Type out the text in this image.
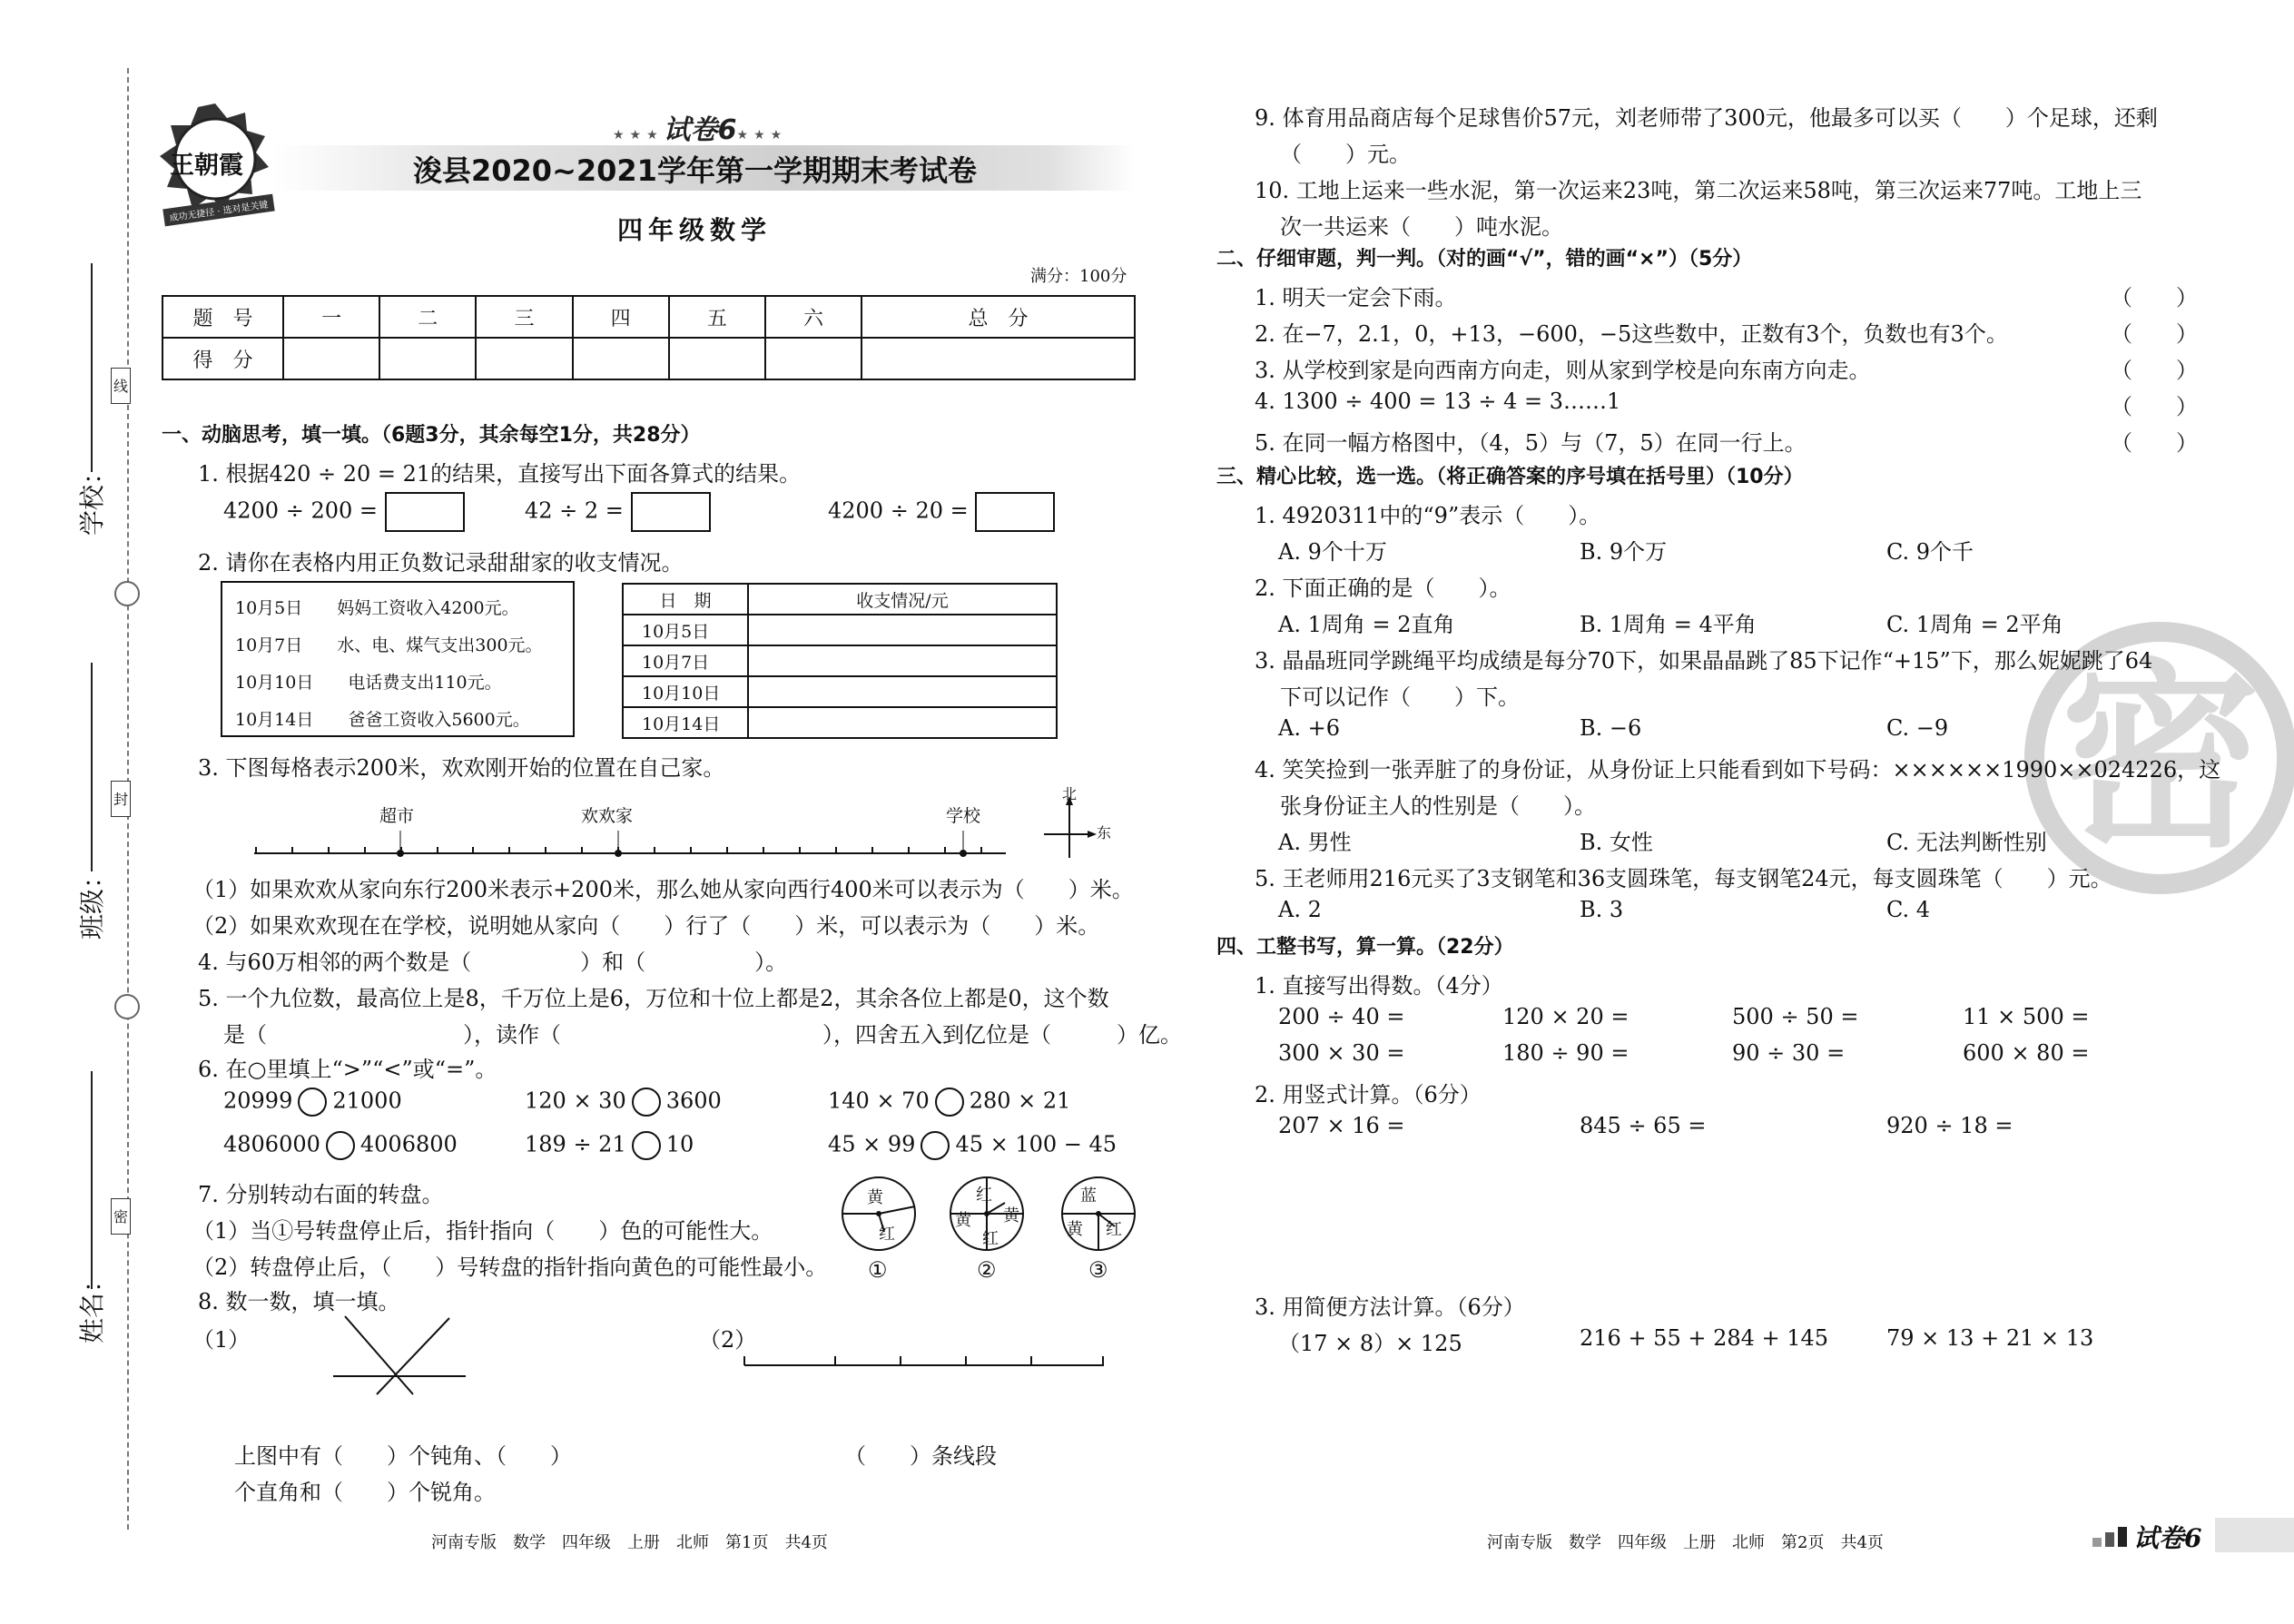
学校：
班级：
姓名：
线
封
密
王朝霞
成功无捷径 · 选对是关键
★★★试卷6★★★
浚县2020~2021学年第一学期期末考试卷
四年级数学
满分：100分
题　号	一	二	三	四	五	六	总　分
得　分							
一、动脑思考，填一填。（6题3分，其余每空1分，共28分）
1. 根据420 ÷ 20 = 21的结果，直接写出下面各算式的结果。
4200 ÷ 200 =	42 ÷ 2 =	4200 ÷ 20 =
2. 请你在表格内用正负数记录甜甜家的收支情况。
10月5日　　妈妈工资收入4200元。
10月7日　　水、电、煤气支出300元。
10月10日　　电话费支出110元。
10月14日　　爸爸工资收入5600元。
日　期	收支情况/元
10月5日	
10月7日	
10月10日	
10月14日	
3. 下图每格表示200米，欢欢刚开始的位置在自己家。
超市	欢欢家	学校
北
东
（1）如果欢欢从家向东行200米表示+200米，那么她从家向西行400米可以表示为（　　）米。
（2）如果欢欢现在在学校，说明她从家向（　　）行了（　　）米，可以表示为（　　）米。
4. 与60万相邻的两个数是（　　　　　）和（　　　　　）。
5. 一个九位数，最高位上是8，千万位上是6，万位和十位上都是2，其余各位上都是0，这个数
是（　　　　　　　　　），读作（　　　　　　　　　　　　），四舍五入到亿位是（　　　）亿。
6. 在○里填上“>”“<”或“=”。
20999 21000	120 × 30 3600	140 × 70 280 × 21
4806000 4006800	189 ÷ 21 10	45 × 99 45 × 100 − 45
7. 分别转动右面的转盘。
（1）当①号转盘停止后，指针指向（　　）色的可能性大。
（2）转盘停止后，（　　）号转盘的指针指向黄色的可能性最小。
黄
红
红
黄 黄
红
蓝
黄 红
①	②	③
8. 数一数，填一填。
（1）	（2）
上图中有（　　）个钝角、（　　）
个直角和（　　）个锐角。
（　　）条线段
河南专版　数学　四年级　上册　北师　第1页　共4页
密
9. 体育用品商店每个足球售价57元，刘老师带了300元，他最多可以买（　　）个足球，还剩
（　　）元。
10. 工地上运来一些水泥，第一次运来23吨，第二次运来58吨，第三次运来77吨。工地上三
次一共运来（　　）吨水泥。
二、仔细审题，判一判。（对的画“√”，错的画“×”）（5分）
1. 明天一定会下雨。
2. 在−7，2.1，0，+13，−600，−5这些数中，正数有3个，负数也有3个。
3. 从学校到家是向西南方向走，则从家到学校是向东南方向走。
4. 1300 ÷ 400 = 13 ÷ 4 = 3……1
5. 在同一幅方格图中，（4，5）与（7，5）在同一行上。
（　　）
（　　）
（　　）
（　　）
（　　）
三、精心比较，选一选。（将正确答案的序号填在括号里）（10分）
1. 4920311中的“9”表示（　　）。
A. 9个十万	B. 9个万	C. 9个千
2. 下面正确的是（　　）。
A. 1周角 = 2直角	B. 1周角 = 4平角	C. 1周角 = 2平角
3. 晶晶班同学跳绳平均成绩是每分70下，如果晶晶跳了85下记作“+15”下，那么妮妮跳了64
下可以记作（　　）下。
A. +6	B. −6	C. −9
4. 笑笑捡到一张弄脏了的身份证，从身份证上只能看到如下号码：××××××1990××024226，这
张身份证主人的性别是（　　）。
A. 男性	B. 女性	C. 无法判断性别
5. 王老师用216元买了3支钢笔和36支圆珠笔，每支钢笔24元，每支圆珠笔（　　）元。
A. 2	B. 3	C. 4
四、工整书写，算一算。（22分）
1. 直接写出得数。（4分）
200 ÷ 40 =	120 × 20 =	500 ÷ 50 =	11 × 500 =
300 × 30 =	180 ÷ 90 =	90 ÷ 30 =	600 × 80 =
2. 用竖式计算。（6分）
207 × 16 =	845 ÷ 65 =	920 ÷ 18 =
3. 用简便方法计算。（6分）
（17 × 8）× 125	216 + 55 + 284 + 145	79 × 13 + 21 × 13
河南专版　数学　四年级　上册　北师　第2页　共4页	试卷6
